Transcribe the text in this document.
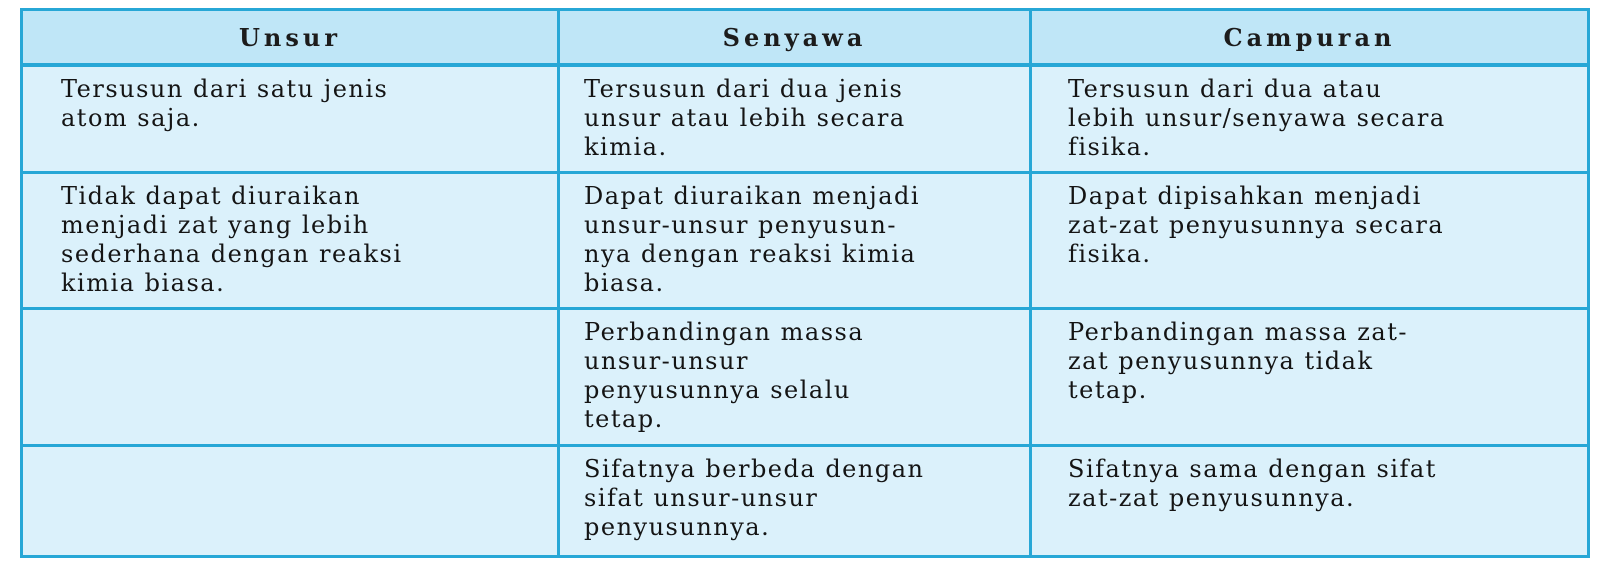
Unsur	Senyawa	Campuran
Tersusun dari satu jenis
atom saja.
Tersusun dari dua jenis
unsur atau lebih secara
kimia.
Tersusun dari dua atau
lebih unsur/senyawa secara
fisika.
Tidak dapat diuraikan
menjadi zat yang lebih
sederhana dengan reaksi
kimia biasa.
Dapat diuraikan menjadi
unsur-unsur penyusun-
nya dengan reaksi kimia
biasa.
Dapat dipisahkan menjadi
zat-zat penyusunnya secara
fisika.
Perbandingan massa
unsur-unsur
penyusunnya selalu
tetap.
Perbandingan massa zat-
zat penyusunnya tidak
tetap.
Sifatnya berbeda dengan
sifat unsur-unsur
penyusunnya.
Sifatnya sama dengan sifat
zat-zat penyusunnya.
